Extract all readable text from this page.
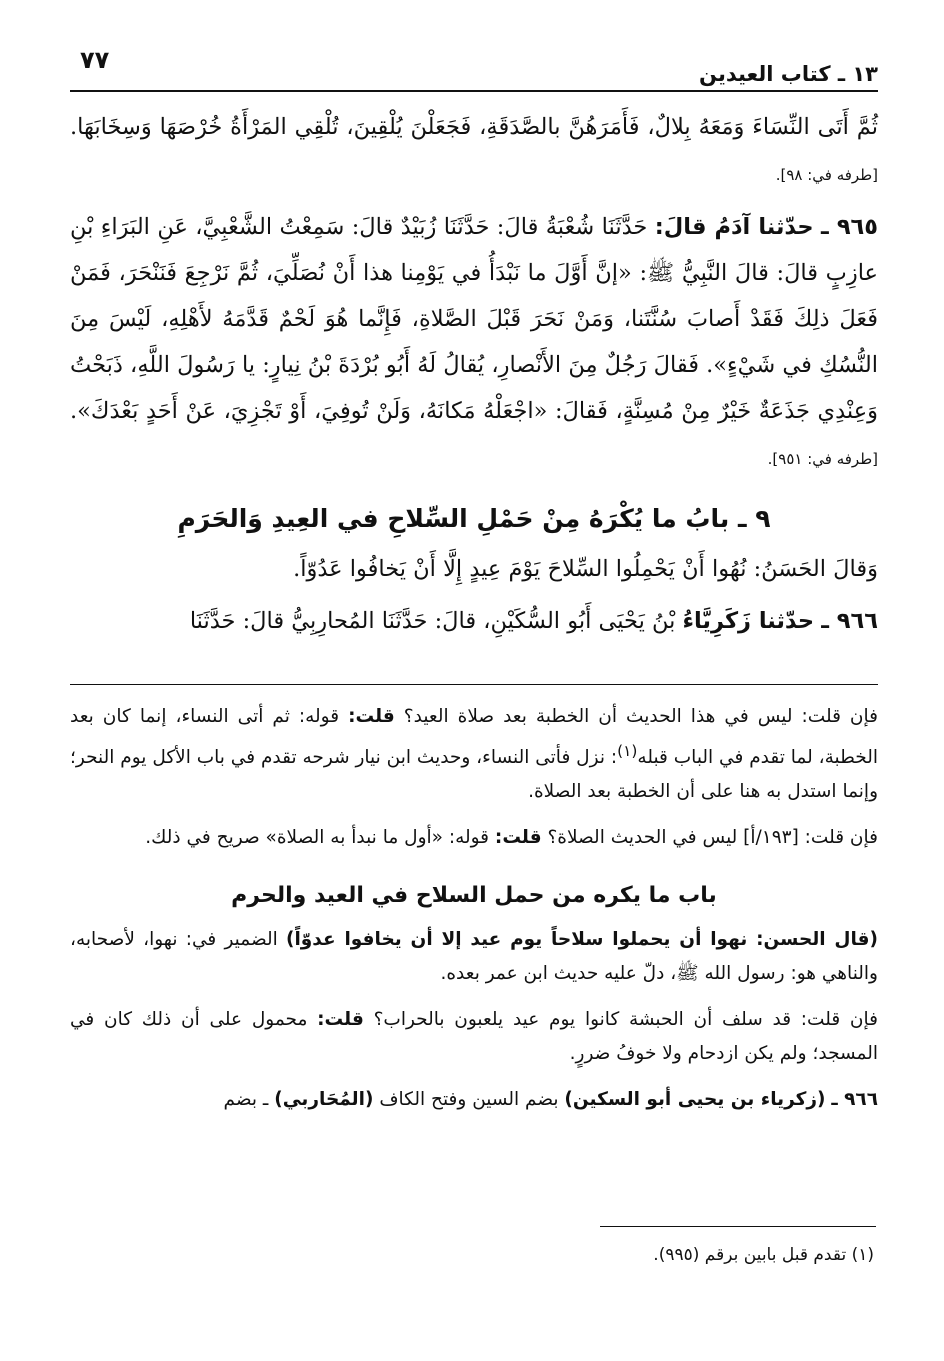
٧٧	١٣ ـ كتاب العيدين

ثُمَّ أَتَى النِّسَاءَ وَمَعَهُ بِلالٌ، فَأَمَرَهُنَّ بالصَّدَقَةِ، فَجَعَلْنَ يُلْقِينَ، تُلْقِي المَرْأَةُ خُرْصَهَا وَسِخَابَهَا. [طرفه في: ٩٨].

٩٦٥ ـ حدّثنا آدَمُ قالَ: حَدَّثَنَا شُعْبَةُ قالَ: حَدَّثَنَا زُبَيْدٌ قالَ: سَمِعْتُ الشَّعْبِيَّ، عَنِ البَرَاءِ بْنِ عازِبٍ قالَ: قالَ النَّبِيُّ ﷺ: «إنَّ أَوَّلَ ما نَبْدَأُ في يَوْمِنا هذا أَنْ نُصَلِّيَ، ثُمَّ نَرْجِعَ فَنَنْحَرَ، فَمَنْ فَعَلَ ذلِكَ فَقَدْ أَصابَ سُنَّتَنا، وَمَنْ نَحَرَ قَبْلَ الصَّلاةِ، فَإِنَّما هُوَ لَحْمٌ قَدَّمَهُ لأَهْلِهِ، لَيْسَ مِنَ النُّسُكِ في شَيْءٍ». فَقالَ رَجُلٌ مِنَ الأَنْصارِ، يُقالُ لَهُ أَبُو بُرْدَةَ بْنُ نِيارٍ: يا رَسُولَ اللَّهِ، ذَبَحْتُ وَعِنْدِي جَذَعَةٌ خَيْرٌ مِنْ مُسِنَّةٍ، فَقالَ: «اجْعَلْهُ مَكانَهُ، وَلَنْ تُوفِيَ، أَوْ تَجْزِيَ، عَنْ أَحَدٍ بَعْدَكَ». [طرفه في: ٩٥١].

٩ ـ بابُ ما يُكْرَهُ مِنْ حَمْلِ السِّلاحِ في العِيدِ وَالحَرَمِ

وَقالَ الحَسَنُ: نُهُوا أَنْ يَحْمِلُوا السِّلاحَ يَوْمَ عِيدٍ إِلَّا أَنْ يَخافُوا عَدُوّاً.

٩٦٦ ـ حدّثنا زَكَرِيَّاءُ بْنُ يَحْيَى أَبُو السُّكَيْنِ، قالَ: حَدَّثَنَا المُحارِبِيُّ قالَ: حَدَّثَنَا

فإن قلت: ليس في هذا الحديث أن الخطبة بعد صلاة العيد؟ قلت: قوله: ثم أتى النساء، إنما كان بعد الخطبة، لما تقدم في الباب قبله$^{(١)}$: نزل فأتى النساء، وحديث ابن نيار شرحه تقدم في باب الأكل يوم النحر؛ وإنما استدل به هنا على أن الخطبة بعد الصلاة.

فإن قلت: [١٩٣/أ] ليس في الحديث الصلاة؟ قلت: قوله: «أول ما نبدأ به الصلاة» صريح في ذلك.

باب ما يكره من حمل السلاح في العيد والحرم

(قال الحسن: نهوا أن يحملوا سلاحاً يوم عيد إلا أن يخافوا عدوّاً) الضمير في: نهوا، لأصحابه، والناهي هو: رسول الله ﷺ، دلّ عليه حديث ابن عمر بعده.

فإن قلت: قد سلف أن الحبشة كانوا يوم عيد يلعبون بالحراب؟ قلت: محمول على أن ذلك كان في المسجد؛ ولم يكن ازدحام ولا خوفُ ضررٍ.

٩٦٦ ـ (زكرياء بن يحيى أبو السكين) بضم السين وفتح الكاف (المُحَاربي) ـ بضم

(١) تقدم قبل بابين برقم (٩٩٥).
